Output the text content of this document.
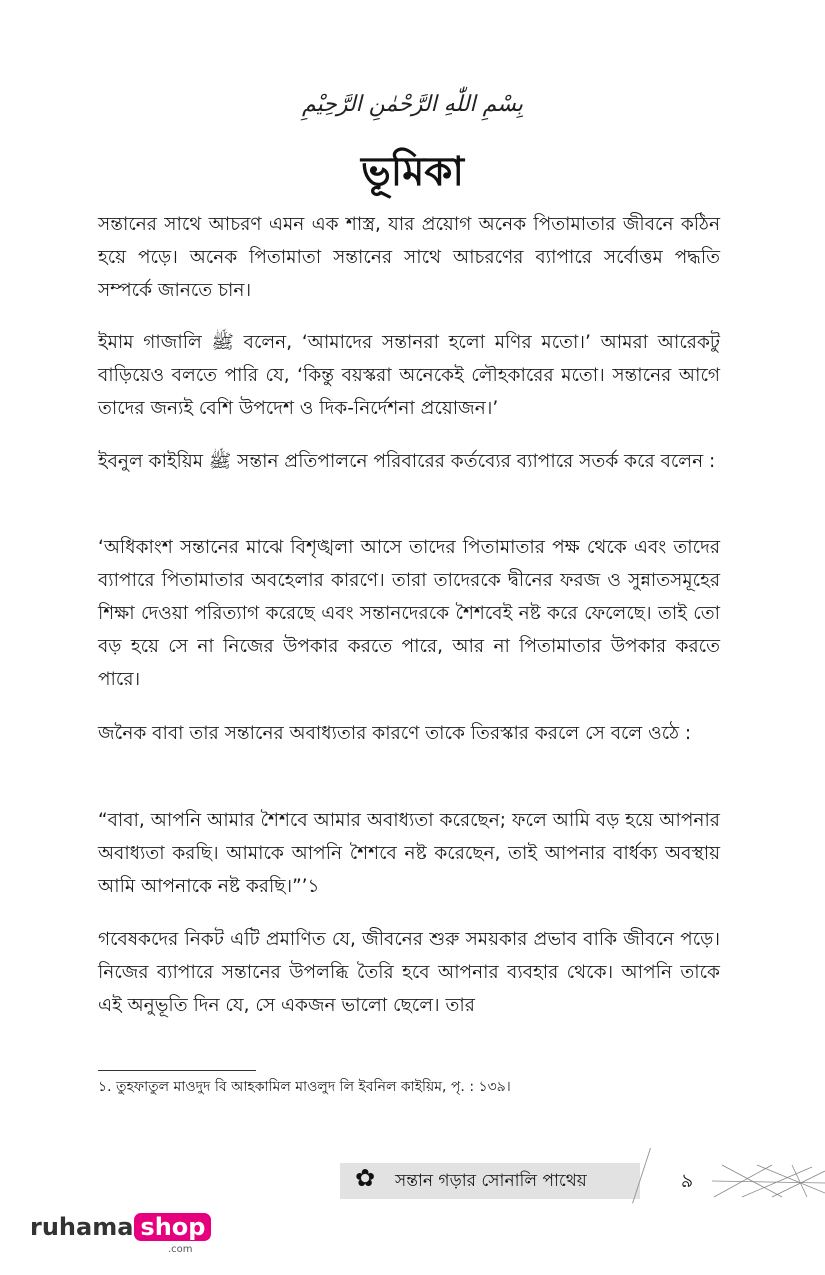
بِسْمِ اللّٰهِ الرَّحْمٰنِ الرَّحِيْمِ
ভূমিকা

সন্তানের সাথে আচরণ এমন এক শাস্ত্র, যার প্রয়োগ অনেক পিতামাতার জীবনে কঠিন হয়ে পড়ে। অনেক পিতামাতা সন্তানের সাথে আচরণের ব্যাপারে সর্বোত্তম পদ্ধতি সম্পর্কে জানতে চান।

ইমাম গাজালি ﷺ বলেন, ‘আমাদের সন্তানরা হলো মণির মতো।’ আমরা আরেকটু বাড়িয়েও বলতে পারি যে, ‘কিন্তু বয়স্করা অনেকেই লৌহকারের মতো। সন্তানের আগে তাদের জন্যই বেশি উপদেশ ও দিক-নির্দেশনা প্রয়োজন।’

ইবনুল কাইয়িম ﷺ সন্তান প্রতিপালনে পরিবারের কর্তব্যের ব্যাপারে সতর্ক করে বলেন :

‘অধিকাংশ সন্তানের মাঝে বিশৃঙ্খলা আসে তাদের পিতামাতার পক্ষ থেকে এবং তাদের ব্যাপারে পিতামাতার অবহেলার কারণে। তারা তাদেরকে দ্বীনের ফরজ ও সুন্নাতসমূহের শিক্ষা দেওয়া পরিত্যাগ করেছে এবং সন্তানদেরকে শৈশবেই নষ্ট করে ফেলেছে। তাই তো বড় হয়ে সে না নিজের উপকার করতে পারে, আর না পিতামাতার উপকার করতে পারে।

জনৈক বাবা তার সন্তানের অবাধ্যতার কারণে তাকে তিরস্কার করলে সে বলে ওঠে :

“বাবা, আপনি আমার শৈশবে আমার অবাধ্যতা করেছেন; ফলে আমি বড় হয়ে আপনার অবাধ্যতা করছি। আমাকে আপনি শৈশবে নষ্ট করেছেন, তাই আপনার বার্ধক্য অবস্থায় আমি আপনাকে নষ্ট করছি।”’১

গবেষকদের নিকট এটি প্রমাণিত যে, জীবনের শুরু সময়কার প্রভাব বাকি জীবনে পড়ে। নিজের ব্যাপারে সন্তানের উপলব্ধি তৈরি হবে আপনার ব্যবহার থেকে। আপনি তাকে এই অনুভূতি দিন যে, সে একজন ভালো ছেলে। তার

১. তুহফাতুল মাওদুদ বি আহকামিল মাওলুদ লি ইবনিল কাইয়িম, পৃ. : ১৩৯।
✿ সন্তান গড়ার সোনালি পাথেয়	৯
ruhama shop
.com
